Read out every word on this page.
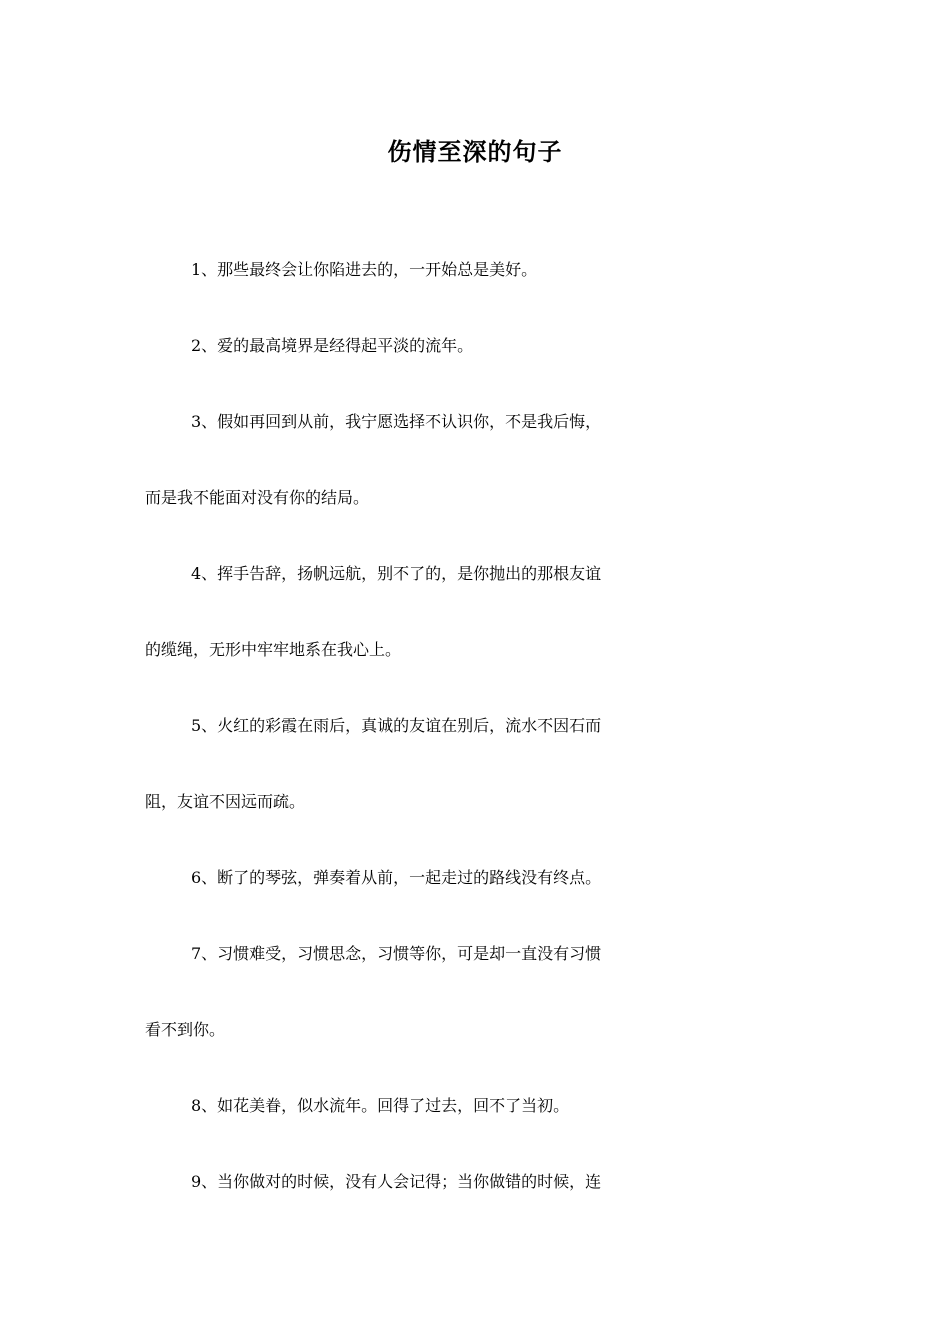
伤情至深的句子
1、那些最终会让你陷进去的，一开始总是美好。
2、爱的最高境界是经得起平淡的流年。
3、假如再回到从前，我宁愿选择不认识你，不是我后悔，
而是我不能面对没有你的结局。
4、挥手告辞，扬帆远航，别不了的，是你抛出的那根友谊
的缆绳，无形中牢牢地系在我心上。
5、火红的彩霞在雨后，真诚的友谊在别后，流水不因石而
阻，友谊不因远而疏。
6、断了的琴弦，弹奏着从前，一起走过的路线没有终点。
7、习惯难受，习惯思念，习惯等你，可是却一直没有习惯
看不到你。
8、如花美眷，似水流年。回得了过去，回不了当初。
9、当你做对的时候，没有人会记得；当你做错的时候，连
